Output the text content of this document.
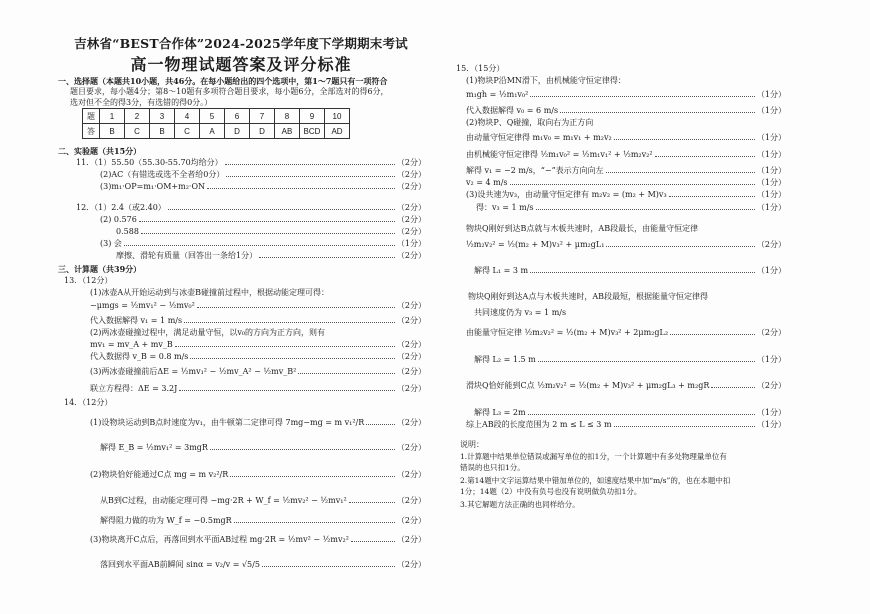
吉林省“BEST合作体”2024-2025学年度下学期期末考试
高一物理试题答案及评分标准
一、选择题（本题共10小题，共46分。在每小题给出的四个选项中，第1～7题只有一项符合
题目要求，每小题4分；第8～10题有多项符合题目要求，每小题6分，全部选对的得6分，
选对但不全的得3分，有选错的得0分。）
题	1	2	3	4	5	6	7	8	9	10
答	B	C	B	C	A	D	D	AB	BCD	AD
二、实验题（共15分）
11．（1）55.50（55.30-55.70均给分）	（2分）
(2)AC（有错选或选不全者给0分）	（2分）
(3)m₁·OP=m₁·OM+m₂·ON	（2分）
12．（1）2.4（或2.40）	（2分）
(2) 0.576	（2分）
0.588	（2分）
(3) 会	（1分）
摩擦、滑轮有质量（回答出一条给1分）	（2分）
三、计算题（共39分）
13．（12分）
(1)冰壶A从开始运动到与冰壶B碰撞前过程中，根据动能定理可得：
−μmgs = ½mv₁² − ½mv₀²	（2分）
代入数据解得 v₁ = 1 m/s	（2分）
(2)两冰壶碰撞过程中，满足动量守恒，以v₀的方向为正方向，则有
mv₁ = mv_A + mv_B	（2分）
代入数据得 v_B = 0.8 m/s	（2分）
(3)两冰壶碰撞前后ΔE = ½mv₁² − ½mv_A² − ½mv_B²	（2分）
联立方程得：ΔE = 3.2J	（2分）
14．（12分）
(1)设物块运动到B点时速度为v₁，由牛顿第二定律可得 7mg−mg = m v₁²/R	（2分）
解得 E_B = ½mv₁² = 3mgR	（2分）
(2)物块恰好能通过C点 mg = m v₂²/R	（2分）
从B到C过程，由动能定理可得 −mg·2R + W_f = ½mv₂² − ½mv₁²	（2分）
解得阻力做的功为 W_f = −0.5mgR	（2分）
(3)物块离开C点后，再落回到水平面AB过程 mg·2R = ½mv² − ½mv₂²	（2分）
落回到水平面AB前瞬间 sinα = v₂/v = √5/5	（2分）
15．（15分）
(1)物块P沿MN滑下，由机械能守恒定律得：
m₁gh = ½m₁v₀²	（1分）
代入数据解得 v₀ = 6 m/s	（1分）
(2)物块P、Q碰撞，取向右为正方向
由动量守恒定律得 m₁v₀ = m₁v₁ + m₂v₂	（1分）
由机械能守恒定律得 ½m₁v₀² = ½m₁v₁² + ½m₂v₂²	（1分）
解得 v₁ = −2 m/s，“−”表示方向向左	（1分）
v₂ = 4 m/s	（1分）
(3)设共速为v₃，由动量守恒定律有 m₂v₂ = (m₂ + M)v₃	（1分）
得：v₃ = 1 m/s	（1分）
物块Q刚好到达B点就与木板共速时，AB段最长，由能量守恒定律
½m₂v₂² = ½(m₂ + M)v₃² + μm₂gL₁	（2分）
解得 L₁ = 3 m	（1分）
物块Q刚好到达A点与木板共速时，AB段最短，根据能量守恒定律得
共同速度仍为 v₃ = 1 m/s
由能量守恒定律 ½m₂v₂² = ½(m₂ + M)v₃² + 2μm₂gL₂	（2分）
解得 L₂ = 1.5 m	（1分）
滑块Q恰好能到C点 ½m₂v₂² = ½(m₂ + M)v₃² + μm₂gL₃ + m₂gR	（2分）
解得 L₃ = 2m	（1分）
综上AB段的长度范围为 2 m ≤ L ≤ 3 m	（1分）
说明：
1.计算题中结果单位错误或漏写单位的扣1分，一个计算题中有多处物理量单位有
错误的也只扣1分。
2.第14题中文字运算结果中错加单位的，如速度结果中加“m/s”的，也在本题中扣
1分；14题（2）中没有负号也没有说明做负功扣1分。
3.其它解题方法正确的也同样给分。
